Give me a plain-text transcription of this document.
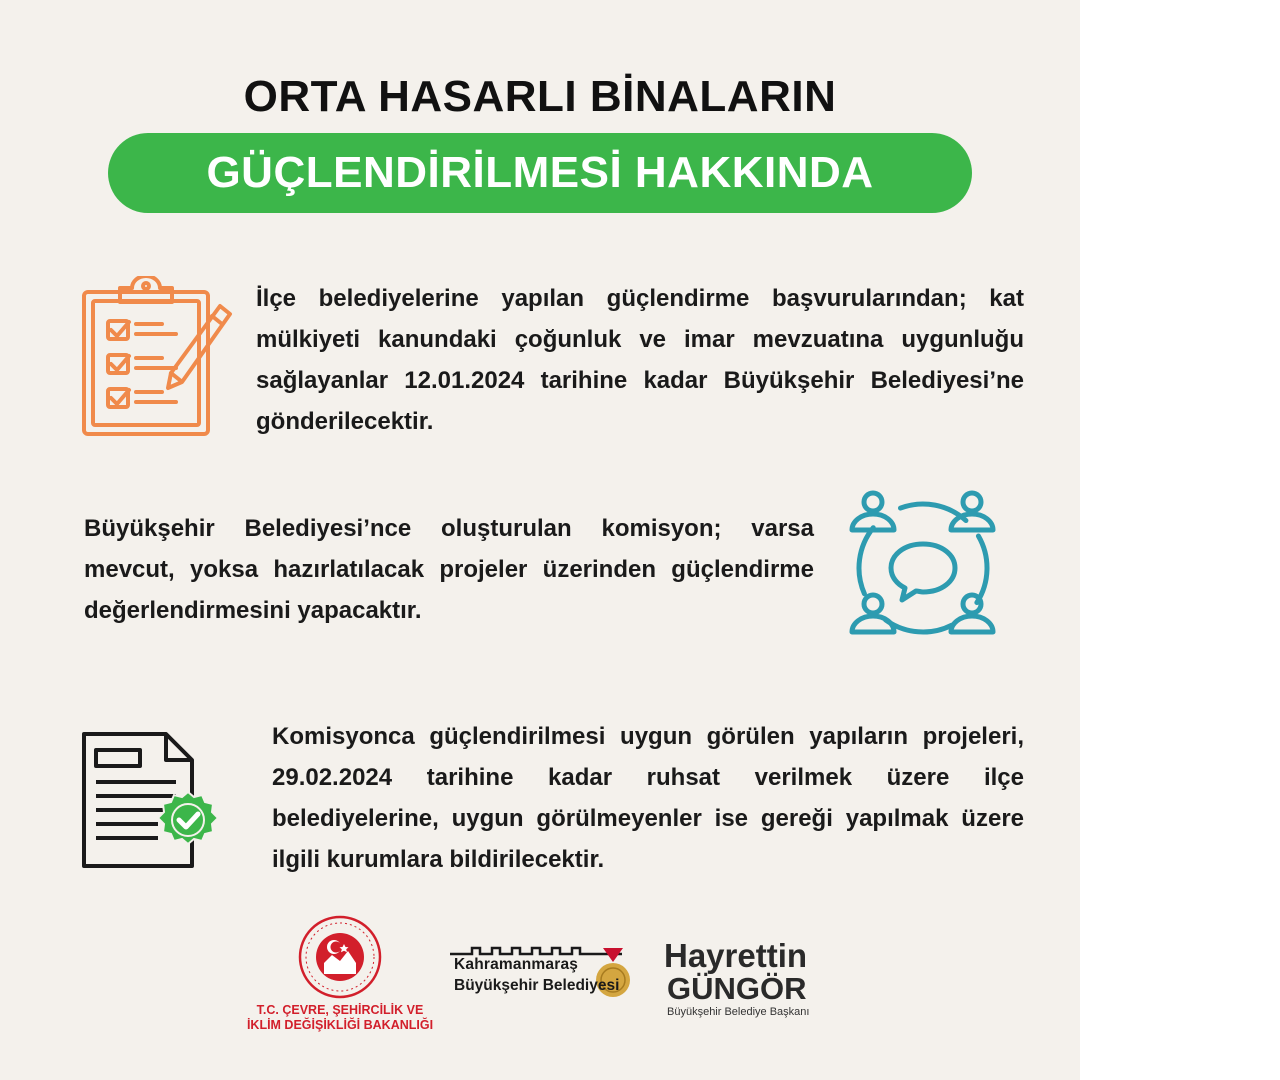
ORTA HASARLI BİNALARIN
GÜÇLENDİRİLMESİ HAKKINDA

İlçe belediyelerine yapılan güçlendirme başvurularından; kat mülkiyeti kanundaki çoğunluk ve imar mevzuatına uygunluğu sağlayanlar 12.01.2024 tarihine kadar Büyükşehir Belediyesi’ne gönderilecektir.

Büyükşehir Belediyesi’nce oluşturulan komisyon; varsa mevcut, yoksa hazırlatılacak projeler üzerinden güçlendirme değerlendirmesini yapacaktır.

Komisyonca güçlendirilmesi uygun görülen yapıların projeleri, 29.02.2024 tarihine kadar ruhsat verilmek üzere ilçe belediyelerine, uygun görülmeyenler ise gereği yapılmak üzere ilgili kurumlara bildirilecektir.

T.C. ÇEVRE, ŞEHİRCİLİK VE
İKLİM DEĞİŞİKLİĞİ BAKANLIĞI
Kahramanmaraş
Büyükşehir Belediyesi
Hayrettin
GÜNGÖR
Büyükşehir Belediye Başkanı
